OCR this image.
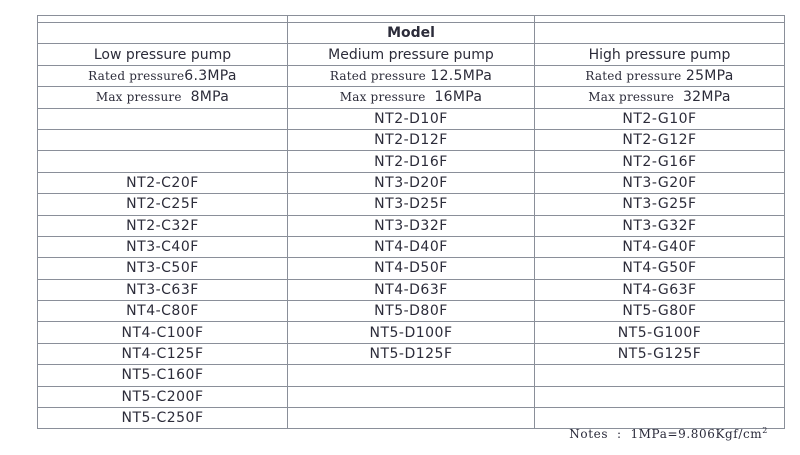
	Model	
Low pressure pump	Medium pressure pump	High pressure pump
Rated pressure6.3MPa	Rated pressure 12.5MPa	Rated pressure 25MPa
Max pressure 8MPa	Max pressure 16MPa	Max pressure 32MPa
	NT2-D10F	NT2-G10F
	NT2-D12F	NT2-G12F
	NT2-D16F	NT2-G16F
NT2-C20F	NT3-D20F	NT3-G20F
NT2-C25F	NT3-D25F	NT3-G25F
NT2-C32F	NT3-D32F	NT3-G32F
NT3-C40F	NT4-D40F	NT4-G40F
NT3-C50F	NT4-D50F	NT4-G50F
NT3-C63F	NT4-D63F	NT4-G63F
NT4-C80F	NT5-D80F	NT5-G80F
NT4-C100F	NT5-D100F	NT5-G100F
NT4-C125F	NT5-D125F	NT5-G125F
NT5-C160F		
NT5-C200F		
NT5-C250F		
Notes : $1MPa=9.806Kgf/cm^2$
